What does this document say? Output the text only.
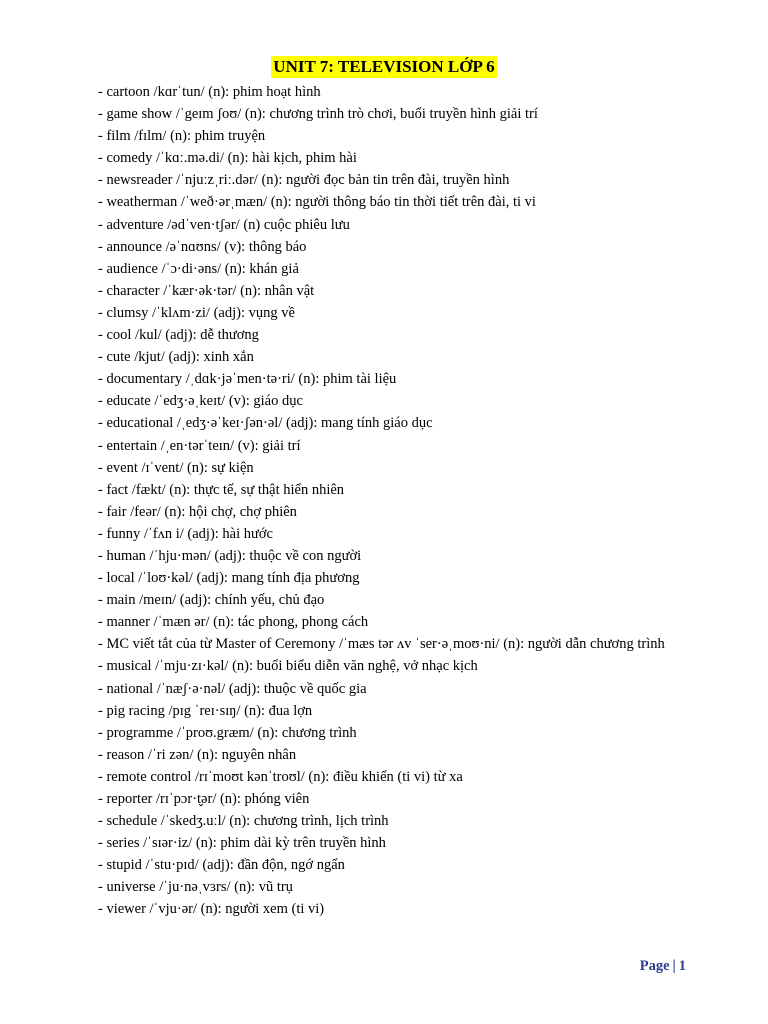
UNIT 7: TELEVISION LỚP 6
- cartoon /kɑrˈtun/ (n): phim hoạt hình
- game show /ˈgeɪm ʃoʊ/ (n): chương trình trò chơi, buổi truyền hình giải trí
- film /fɪlm/ (n): phim truyện
- comedy /ˈkɑː.mə.di/ (n): hài kịch, phim hài
- newsreader /ˈnjuːzˌriː.dər/ (n): người đọc bản tin trên đài, truyền hình
- weatherman /ˈweð·ərˌmæn/ (n): người thông báo tin thời tiết trên đài, ti vi
- adventure /ədˈven·tʃər/ (n) cuộc phiêu lưu
- announce /əˈnɑʊns/ (v): thông báo
- audience /ˈɔ·di·əns/ (n): khán giả
- character /ˈkær·ək·tər/ (n): nhân vật
- clumsy /ˈklʌm·zi/ (adj): vụng về
- cool /kul/ (adj): dễ thương
- cute /kjut/ (adj): xinh xắn
- documentary /ˌdɑk·jəˈmen·tə·ri/ (n): phim tài liệu
- educate /ˈedʒ·əˌkeɪt/ (v): giáo dục
- educational /ˌedʒ·əˈkeɪ·ʃən·əl/ (adj): mang tính giáo dục
- entertain /ˌen·tərˈteɪn/ (v): giải trí
- event /ɪˈvent/ (n): sự kiện
- fact /fækt/ (n): thực tế, sự thật hiển nhiên
- fair /feər/ (n): hội chợ, chợ phiên
- funny /ˈfʌn i/ (adj): hài hước
- human /ˈhju·mən/ (adj): thuộc về con người
- local /ˈloʊ·kəl/ (adj): mang tính địa phương
- main /meɪn/ (adj): chính yếu, chủ đạo
- manner /ˈmæn ər/ (n): tác phong, phong cách
- MC viết tắt của từ Master of Ceremony /ˈmæs tər ʌv ˈser·əˌmoʊ·ni/ (n): người dẫn chương trình
- musical /ˈmju·zɪ·kəl/ (n): buổi biểu diễn văn nghệ, vở nhạc kịch
- national /ˈnæʃ·ə·nəl/ (adj): thuộc về quốc gia
- pig racing /pɪg ˈreɪ·sɪŋ/ (n): đua lợn
- programme /ˈproʊ.græm/ (n): chương trình
- reason /ˈri zən/ (n): nguyên nhân
- remote control /rɪˈmoʊt kənˈtroʊl/ (n): điều khiển (ti vi) từ xa
- reporter /rɪˈpɔr·t̬ər/ (n): phóng viên
- schedule /ˈskedʒ.uːl/ (n): chương trình, lịch trình
- series /ˈsɪər·iz/ (n): phim dài kỳ trên truyền hình
- stupid /ˈstu·pɪd/ (adj): đần độn, ngớ ngẩn
- universe /ˈju·nəˌvɜrs/ (n): vũ trụ
- viewer /ˈvju·ər/ (n): người xem (ti vi)
Page | 1
